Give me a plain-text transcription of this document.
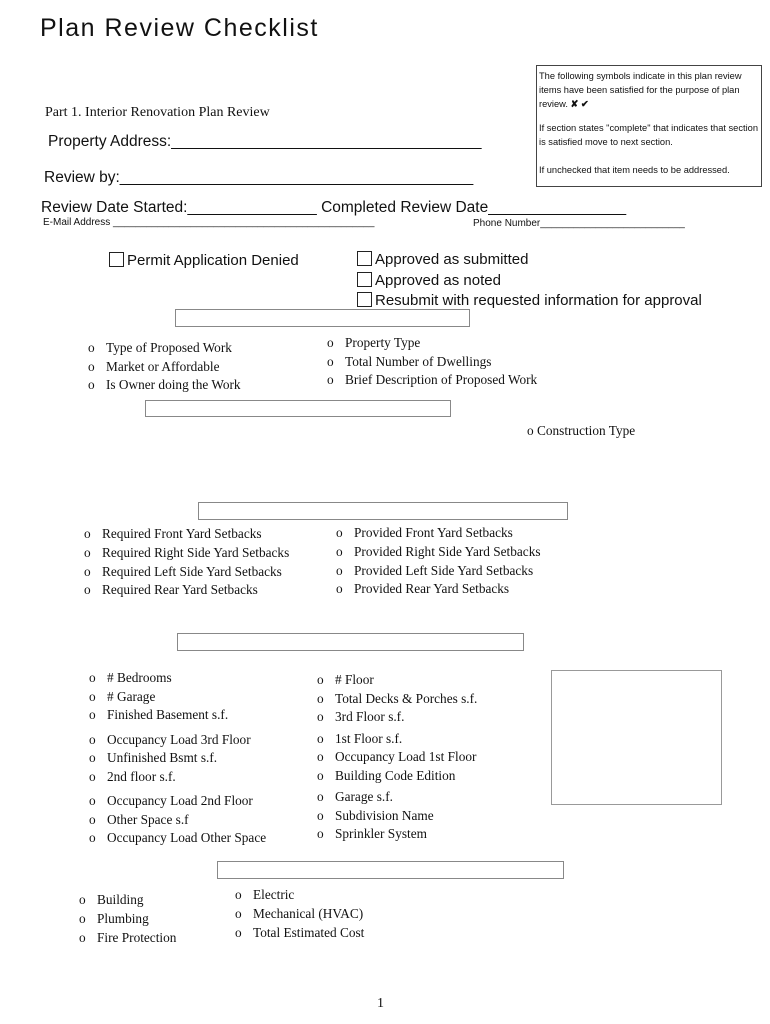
Plan Review Checklist

The following symbols indicate in this plan review items have been satisfied for the purpose of plan review. ✘ ✔

If section states "complete" that indicates that section is satisfied move to next section.

If unchecked that item needs to be addressed.

Part 1. Interior Renovation Plan Review
Property Address:____________________________________
Review by:_________________________________________
Review Date Started:_______________ Completed Review Date________________
E-Mail Address _______________________________________________	Phone Number__________________________
Permit Application Denied	Approved as submitted
Approved as noted
Resubmit with requested information for approval
o Type of Proposed Work
o Market or Affordable
o Is Owner doing the Work
o Property Type
o Total Number of Dwellings
o Brief Description of Proposed Work
o Construction Type
o Required Front Yard Setbacks
o Required Right Side Yard Setbacks
o Required Left Side Yard Setbacks
o Required Rear Yard Setbacks
o Provided Front Yard Setbacks
o Provided Right Side Yard Setbacks
o Provided Left Side Yard Setbacks
o Provided Rear Yard Setbacks
o # Bedrooms
o # Garage
o Finished Basement s.f.
o Occupancy Load 3rd Floor
o Unfinished Bsmt s.f.
o 2nd floor s.f.
o Occupancy Load 2nd Floor
o Other Space s.f
o Occupancy Load Other Space
o # Floor
o Total Decks & Porches s.f.
o 3rd Floor s.f.
o 1st Floor s.f.
o Occupancy Load 1st Floor
o Building Code Edition
o Garage s.f.
o Subdivision Name
o Sprinkler System
o Building
o Plumbing
o Fire Protection
o Electric
o Mechanical (HVAC)
o Total Estimated Cost
1
